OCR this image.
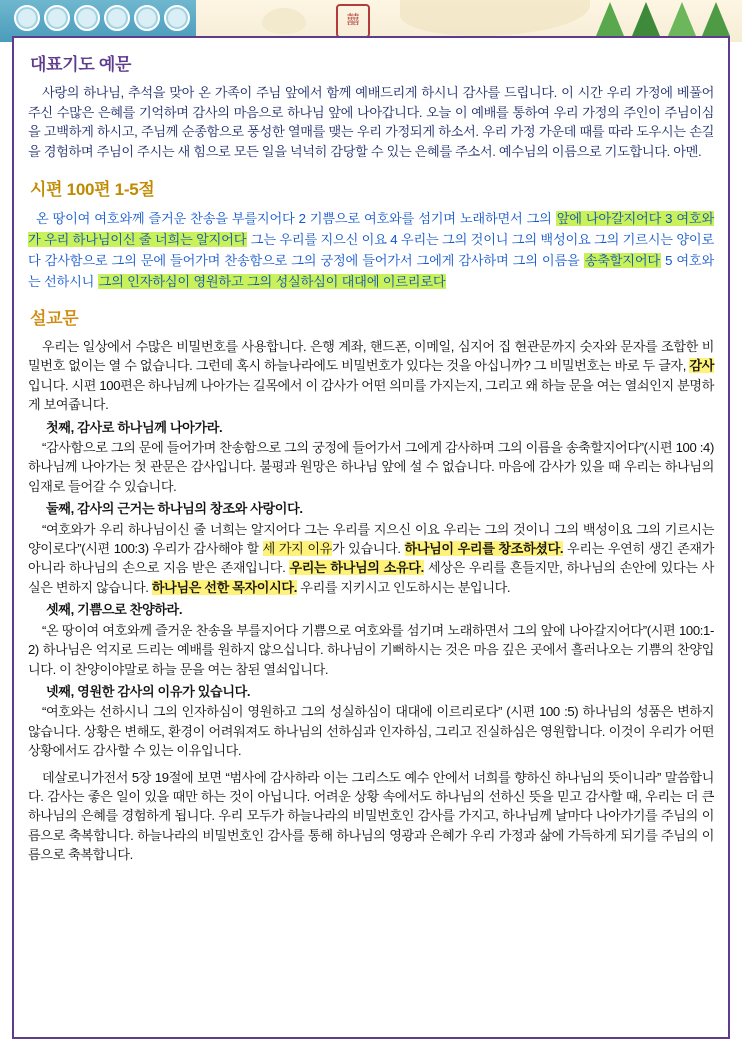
囍
대표기도 예문

사랑의 하나님, 추석을 맞아 온 가족이 주님 앞에서 함께 예배드리게 하시니 감사를 드립니다. 이 시간 우리 가정에 베풀어 주신 수많은 은혜를 기억하며 감사의 마음으로 하나님 앞에 나아갑니다. 오늘 이 예배를 통하여 우리 가정의 주인이 주님이심을 고백하게 하시고, 주님께 순종함으로 풍성한 열매를 맺는 우리 가정되게 하소서. 우리 가정 가운데 때를 따라 도우시는 손길을 경험하며 주님이 주시는 새 힘으로 모든 일을 넉넉히 감당할 수 있는 은혜를 주소서. 예수님의 이름으로 기도합니다. 아멘.

시편 100편 1-5절
온 땅이여 여호와께 즐거운 찬송을 부를지어다 2 기쁨으로 여호와를 섬기며 노래하면서 그의 앞에 나아갈지어다 3 여호와가 우리 하나님이신 줄 너희는 알지어다 그는 우리를 지으신 이요 4 우리는 그의 것이니 그의 백성이요 그의 기르시는 양이로다 감사함으로 그의 문에 들어가며 찬송함으로 그의 궁정에 들어가서 그에게 감사하며 그의 이름을 송축할지어다 5 여호와는 선하시니 그의 인자하심이 영원하고 그의 성실하심이 대대에 이르리로다
설교문

우리는 일상에서 수많은 비밀번호를 사용합니다. 은행 계좌, 핸드폰, 이메일, 심지어 집 현관문까지 숫자와 문자를 조합한 비밀번호 없이는 열 수 없습니다. 그런데 혹시 하늘나라에도 비밀번호가 있다는 것을 아십니까? 그 비밀번호는 바로 두 글자, 감사입니다. 시편 100편은 하나님께 나아가는 길목에서 이 감사가 어떤 의미를 가지는지, 그리고 왜 하늘 문을 여는 열쇠인지 분명하게 보여줍니다.

첫째, 감사로 하나님께 나아가라.

“감사함으로 그의 문에 들어가며 찬송함으로 그의 궁정에 들어가서 그에게 감사하며 그의 이름을 송축할지어다”(시편 100 :4) 하나님께 나아가는 첫 관문은 감사입니다. 불평과 원망은 하나님 앞에 설 수 없습니다. 마음에 감사가 있을 때 우리는 하나님의 임재로 들어갈 수 있습니다.

둘째, 감사의 근거는 하나님의 창조와 사랑이다.

“여호와가 우리 하나님이신 줄 너희는 알지어다 그는 우리를 지으신 이요 우리는 그의 것이니 그의 백성이요 그의 기르시는 양이로다”(시편 100:3) 우리가 감사해야 할 세 가지 이유가 있습니다. 하나님이 우리를 창조하셨다. 우리는 우연히 생긴 존재가 아니라 하나님의 손으로 지음 받은 존재입니다. 우리는 하나님의 소유다. 세상은 우리를 흔들지만, 하나님의 손안에 있다는 사실은 변하지 않습니다. 하나님은 선한 목자이시다. 우리를 지키시고 인도하시는 분입니다.

셋째, 기쁨으로 찬양하라.

“온 땅이여 여호와께 즐거운 찬송을 부를지어다 기쁨으로 여호와를 섬기며 노래하면서 그의 앞에 나아갈지어다”(시편 100:1-2) 하나님은 억지로 드리는 예배를 원하지 않으십니다. 하나님이 기뻐하시는 것은 마음 깊은 곳에서 흘러나오는 기쁨의 찬양입니다. 이 찬양이야말로 하늘 문을 여는 참된 열쇠입니다.

넷째, 영원한 감사의 이유가 있습니다.

“여호와는 선하시니 그의 인자하심이 영원하고 그의 성실하심이 대대에 이르리로다” (시편 100 :5) 하나님의 성품은 변하지 않습니다. 상황은 변해도, 환경이 어려워져도 하나님의 선하심과 인자하심, 그리고 진실하심은 영원합니다. 이것이 우리가 어떤 상황에서도 감사할 수 있는 이유입니다.

데살로니가전서 5장 19절에 보면 “범사에 감사하라 이는 그리스도 예수 안에서 너희를 향하신 하나님의 뜻이니라” 말씀합니다. 감사는 좋은 일이 있을 때만 하는 것이 아닙니다. 어려운 상황 속에서도 하나님의 선하신 뜻을 믿고 감사할 때, 우리는 더 큰 하나님의 은혜를 경험하게 됩니다. 우리 모두가 하늘나라의 비밀번호인 감사를 가지고, 하나님께 날마다 나아가기를 주님의 이름으로 축복합니다. 하늘나라의 비밀번호인 감사를 통해 하나님의 영광과 은혜가 우리 가정과 삶에 가득하게 되기를 주님의 이름으로 축복합니다.
